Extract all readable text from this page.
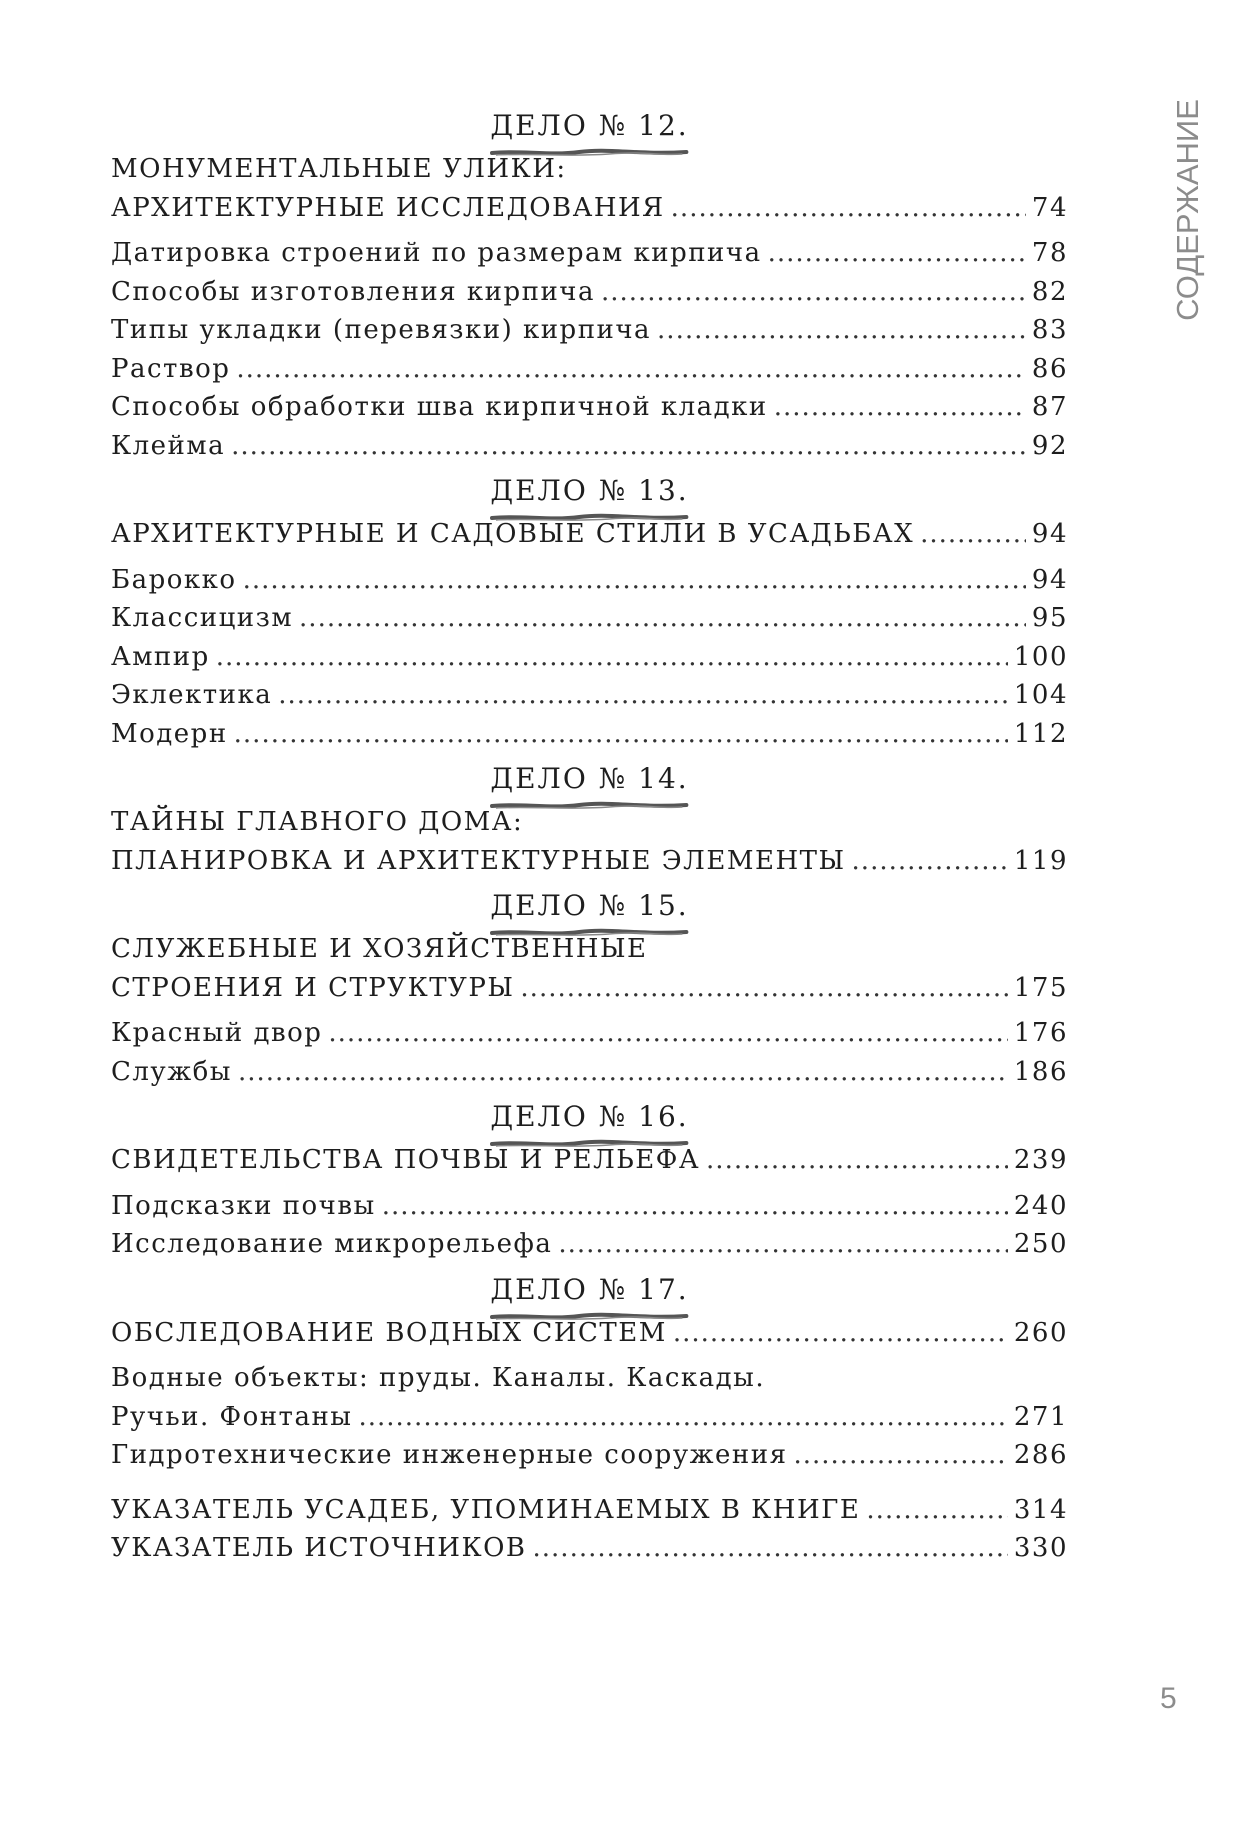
ДЕЛО № 12.
МОНУМЕНТАЛЬНЫЕ УЛИКИ:
АРХИТЕКТУРНЫЕ ИССЛЕДОВАНИЯ .....	74
Датировка строений по размерам кирпича .....	78
Способы изготовления кирпича .....	82
Типы укладки (перевязки) кирпича .....	83
Раствор .....	86
Способы обработки шва кирпичной кладки .....	87
Клейма .....	92
ДЕЛО № 13.
АРХИТЕКТУРНЫЕ И САДОВЫЕ СТИЛИ В УСАДЬБАХ .....	94
Барокко .....	94
Классицизм .....	95
Ампир .....	100
Эклектика .....	104
Модерн .....	112
ДЕЛО № 14.
ТАЙНЫ ГЛАВНОГО ДОМА:
ПЛАНИРОВКА И АРХИТЕКТУРНЫЕ ЭЛЕМЕНТЫ .....	119
ДЕЛО № 15.
СЛУЖЕБНЫЕ И ХОЗЯЙСТВЕННЫЕ
СТРОЕНИЯ И СТРУКТУРЫ .....	175
Красный двор .....	176
Службы .....	186
ДЕЛО № 16.
СВИДЕТЕЛЬСТВА ПОЧВЫ И РЕЛЬЕФА .....	239
Подсказки почвы .....	240
Исследование микрорельефа .....	250
ДЕЛО № 17.
ОБСЛЕДОВАНИЕ ВОДНЫХ СИСТЕМ .....	260
Водные объекты: пруды. Каналы. Каскады.
Ручьи. Фонтаны .....	271
Гидротехнические инженерные сооружения .....	286
УКАЗАТЕЛЬ УСАДЕБ, УПОМИНАЕМЫХ В КНИГЕ .....	314
УКАЗАТЕЛЬ ИСТОЧНИКОВ .....	330
СОДЕРЖАНИЕ
5
